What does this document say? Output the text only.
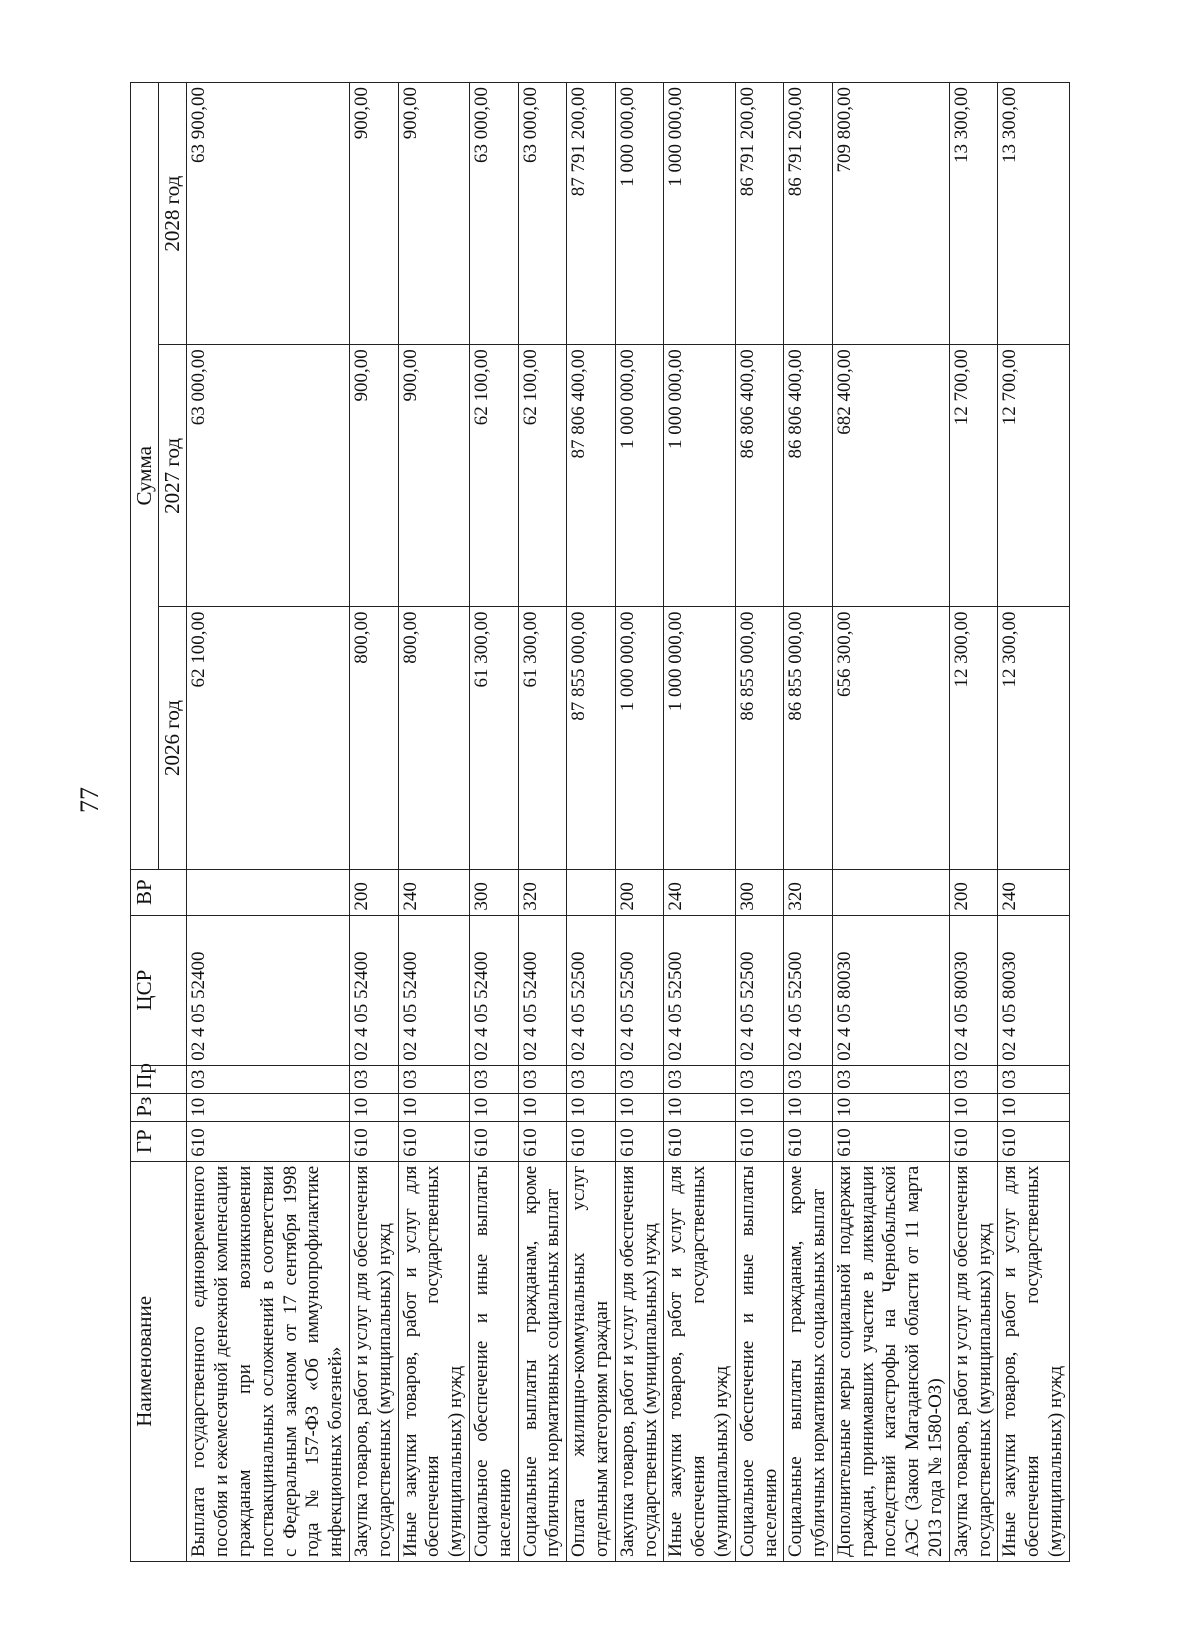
77
Наименование	ГР	Рз	Пр	ЦСР	ВР	Сумма		
						2026 год	2027 год	2028 год
Выплата государственного единовременного пособия и ежемесячной денежной компенсации гражданам при возникновении поствакцинальных осложнений в соответствии с Федеральным законом от 17 сентября 1998 года № 157-ФЗ «Об иммунопрофилактике инфекционных болезней»	610	10	03	02 4 05 52400		62 100,00	63 000,00	63 900,00
Закупка товаров, работ и услуг для обеспечения государственных (муниципальных) нужд	610	10	03	02 4 05 52400	200	800,00	900,00	900,00
Иные закупки товаров, работ и услуг для обеспечения государственных (муниципальных) нужд	610	10	03	02 4 05 52400	240	800,00	900,00	900,00
Социальное обеспечение и иные выплаты населению	610	10	03	02 4 05 52400	300	61 300,00	62 100,00	63 000,00
Социальные выплаты гражданам, кроме публичных нормативных социальных выплат	610	10	03	02 4 05 52400	320	61 300,00	62 100,00	63 000,00
Оплата жилищно-коммунальных услуг отдельным категориям граждан	610	10	03	02 4 05 52500		87 855 000,00	87 806 400,00	87 791 200,00
Закупка товаров, работ и услуг для обеспечения государственных (муниципальных) нужд	610	10	03	02 4 05 52500	200	1 000 000,00	1 000 000,00	1 000 000,00
Иные закупки товаров, работ и услуг для обеспечения государственных (муниципальных) нужд	610	10	03	02 4 05 52500	240	1 000 000,00	1 000 000,00	1 000 000,00
Социальное обеспечение и иные выплаты населению	610	10	03	02 4 05 52500	300	86 855 000,00	86 806 400,00	86 791 200,00
Социальные выплаты гражданам, кроме публичных нормативных социальных выплат	610	10	03	02 4 05 52500	320	86 855 000,00	86 806 400,00	86 791 200,00
Дополнительные меры социальной поддержки граждан, принимавших участие в ликвидации последствий катастрофы на Чернобыльской АЭС (Закон Магаданской области от 11 марта 2013 года № 1580-ОЗ)	610	10	03	02 4 05 80030		656 300,00	682 400,00	709 800,00
Закупка товаров, работ и услуг для обеспечения государственных (муниципальных) нужд	610	10	03	02 4 05 80030	200	12 300,00	12 700,00	13 300,00
Иные закупки товаров, работ и услуг для обеспечения государственных (муниципальных) нужд	610	10	03	02 4 05 80030	240	12 300,00	12 700,00	13 300,00
